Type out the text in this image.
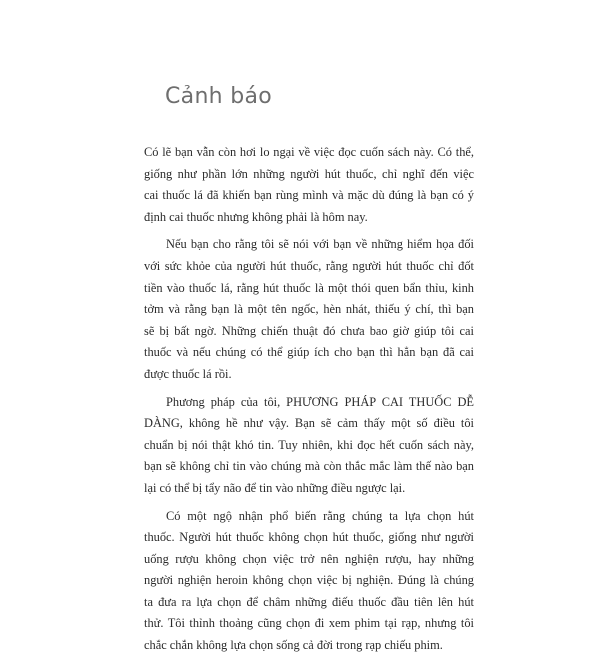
Cảnh báo
Có lẽ bạn vẫn còn hơi lo ngại về việc đọc cuốn sách này. Có thể,
giống như phần lớn những người hút thuốc, chỉ nghĩ đến việc
cai thuốc lá đã khiến bạn rùng mình và mặc dù đúng là bạn có ý
định cai thuốc nhưng không phải là hôm nay.
Nếu bạn cho rằng tôi sẽ nói với bạn về những hiểm họa đối
với sức khỏe của người hút thuốc, rằng người hút thuốc chỉ đốt
tiền vào thuốc lá, rằng hút thuốc là một thói quen bẩn thỉu, kinh
tởm và rằng bạn là một tên ngốc, hèn nhát, thiếu ý chí, thì bạn
sẽ bị bất ngờ. Những chiến thuật đó chưa bao giờ giúp tôi cai
thuốc và nếu chúng có thể giúp ích cho bạn thì hẳn bạn đã cai
được thuốc lá rồi.
Phương pháp của tôi, PHƯƠNG PHÁP CAI THUỐC DỄ
DÀNG, không hề như vậy. Bạn sẽ cảm thấy một số điều tôi
chuẩn bị nói thật khó tin. Tuy nhiên, khi đọc hết cuốn sách này,
bạn sẽ không chỉ tin vào chúng mà còn thắc mắc làm thế nào bạn
lại có thể bị tẩy não để tin vào những điều ngược lại.
Có một ngộ nhận phổ biến rằng chúng ta lựa chọn hút
thuốc. Người hút thuốc không chọn hút thuốc, giống như người
uống rượu không chọn việc trở nên nghiện rượu, hay những
người nghiện heroin không chọn việc bị nghiện. Đúng là chúng
ta đưa ra lựa chọn để châm những điếu thuốc đầu tiên lên hút
thử. Tôi thỉnh thoảng cũng chọn đi xem phim tại rạp, nhưng tôi
chắc chắn không lựa chọn sống cả đời trong rạp chiếu phim.
